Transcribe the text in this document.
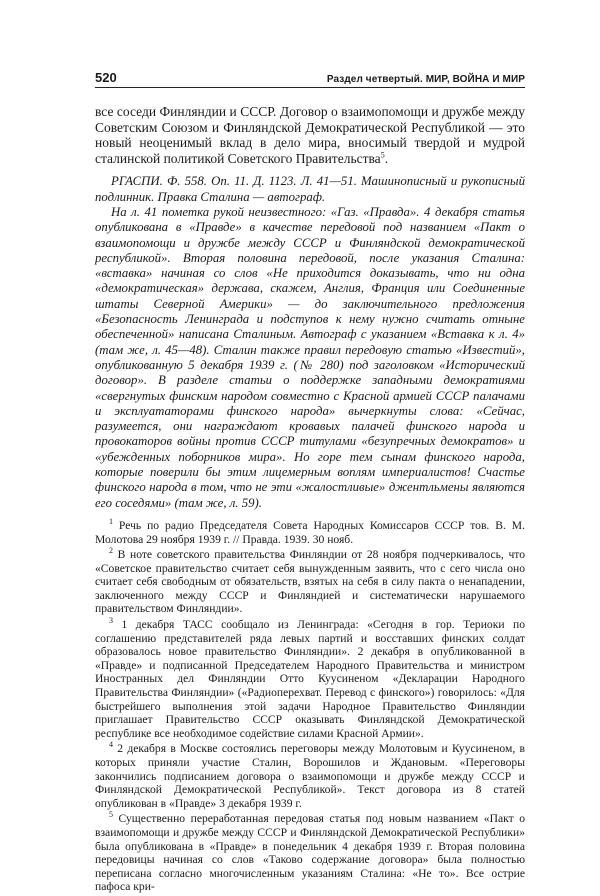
520	Раздел четвертый. МИР, ВОЙНА И МИР

все соседи Финляндии и СССР. Договор о взаимопомощи и дружбе между Советским Союзом и Финляндской Демократической Республикой — это новый неоценимый вклад в дело мира, вносимый твердой и мудрой сталинской политикой Советского Правительства$^5$.

РГАСПИ. Ф. 558. Оп. 11. Д. 1123. Л. 41—51. Машинописный и рукописный подлинник. Правка Сталина — автограф.

На л. 41 пометка рукой неизвестного: «Газ. «Правда». 4 декабря статья опубликована в «Правде» в качестве передовой под названием «Пакт о взаимопомощи и дружбе между СССР и Финляндской демократической республикой». Вторая половина передовой, после указания Сталина: «вставка» начиная со слов «Не приходится доказывать, что ни одна «демократическая» держава, скажем, Англия, Франция или Соединенные штаты Северной Америки» — до заключительного предложения «Безопасность Ленинграда и подступов к нему нужно считать отныне обеспеченной» написана Сталиным. Автограф с указанием «Вставка к л. 4» (там же, л. 45—48). Сталин также правил передовую статью «Известий», опубликованную 5 декабря 1939 г. (№ 280) под заголовком «Исторический договор». В разделе статьи о поддержке западными демократиями «свергнутых финским народом совместно с Красной армией СССР палачами и эксплуататорами финского народа» вычеркнуты слова: «Сейчас, разумеется, они награждают кровавых палачей финского народа и провокаторов войны против СССР титулами «безупречных демократов» и «убежденных поборников мира». Но горе тем сынам финского народа, которые поверили бы этим лицемерным воплям империалистов! Счастье финского народа в том, что не эти «жалостливые» джентльмены являются его соседями» (там же, л. 59).

$^1$ Речь по радио Председателя Совета Народных Комиссаров СССР тов. В. М. Молотова 29 ноября 1939 г. // Правда. 1939. 30 нояб.

$^2$ В ноте советского правительства Финляндии от 28 ноября подчеркивалось, что «Советское правительство считает себя вынужденным заявить, что с сего числа оно считает себя свободным от обязательств, взятых на себя в силу пакта о ненападении, заключенного между СССР и Финляндией и систематически нарушаемого правительством Финляндии».

$^3$ 1 декабря ТАСС сообщало из Ленинграда: «Сегодня в гор. Териоки по соглашению представителей ряда левых партий и восставших финских солдат образовалось новое правительство Финляндии». 2 декабря в опубликованной в «Правде» и подписанной Председателем Народного Правительства и министром Иностранных дел Финляндии Отто Куусиненом «Декларации Народного Правительства Финляндии» («Радиоперехват. Перевод с финского») говорилось: «Для быстрейшего выполнения этой задачи Народное Правительство Финляндии приглашает Правительство СССР оказывать Финляндской Демократической республике все необходимое содействие силами Красной Армии».

$^4$ 2 декабря в Москве состоялись переговоры между Молотовым и Куусиненом, в которых приняли участие Сталин, Ворошилов и Ждановым. «Переговоры закончились подписанием договора о взаимопомощи и дружбе между СССР и Финляндской Демократической Республикой». Текст договора из 8 статей опубликован в «Правде» 3 декабря 1939 г.

$^5$ Существенно переработанная передовая статья под новым названием «Пакт о взаимопомощи и дружбе между СССР и Финляндской Демократической Республики» была опубликована в «Правде» в понедельник 4 декабря 1939 г. Вторая половина передовицы начиная со слов «Таково содержание договора» была полностью переписана согласно многочисленным указаниям Сталина: «Не то». Все острие пафоса кри-
